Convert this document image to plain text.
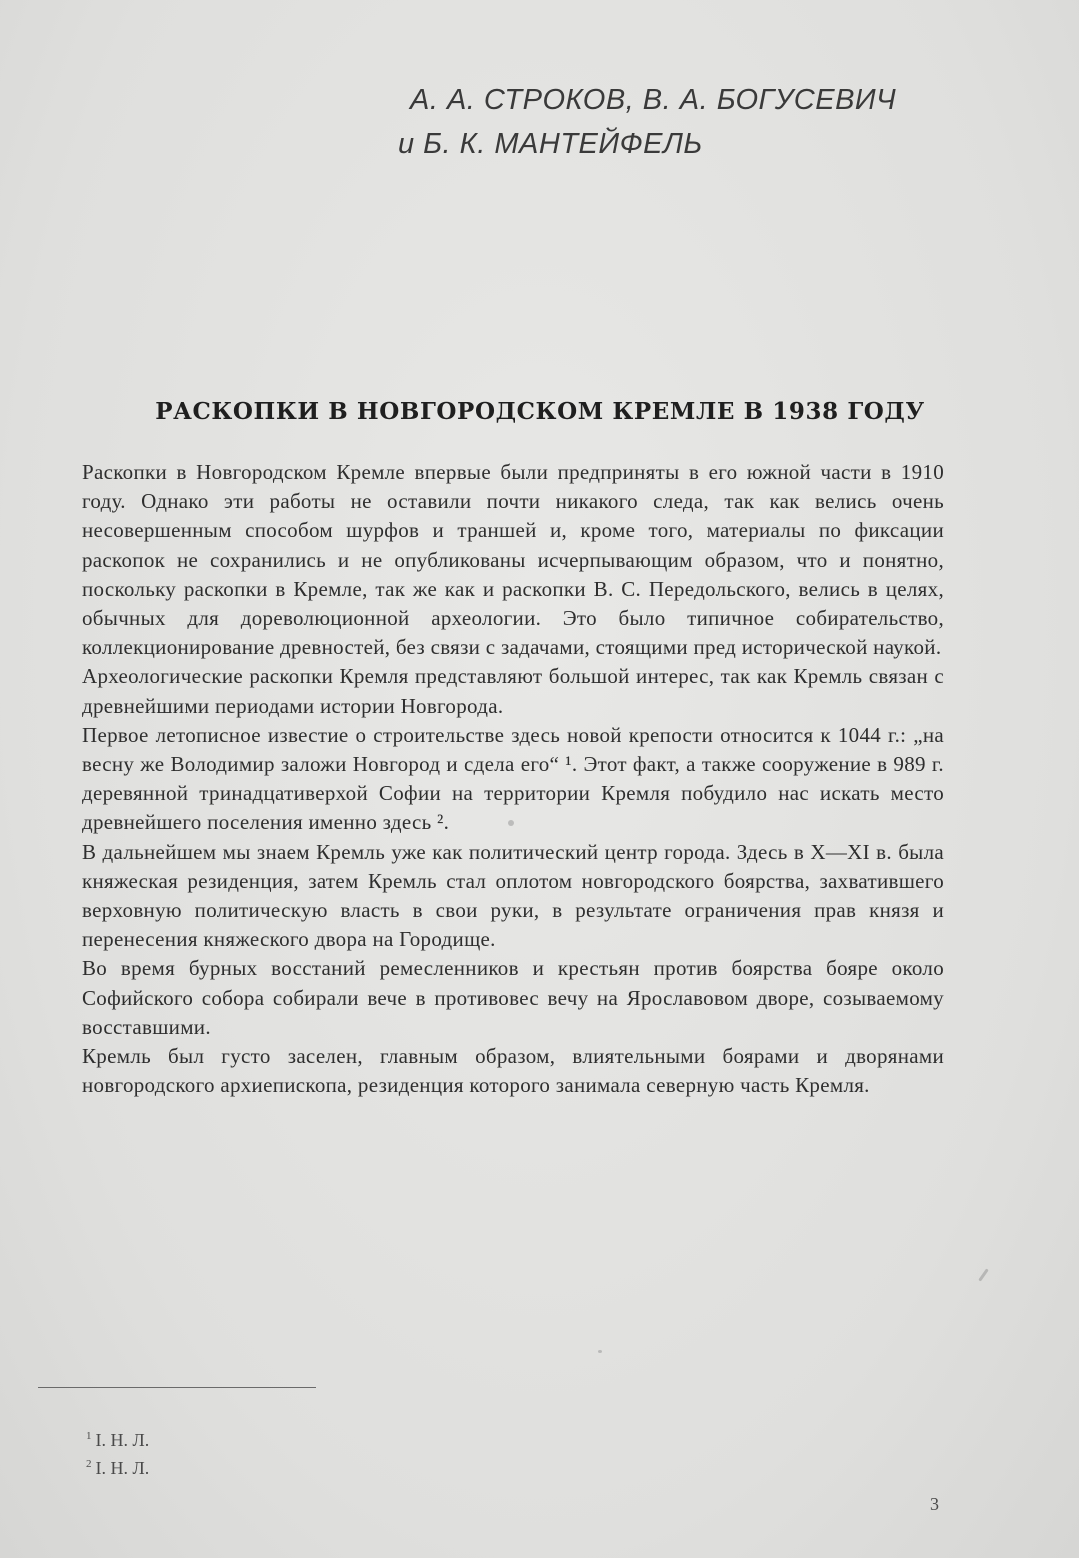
А. А. СТРОКОВ, В. А. БОГУСЕВИЧ
и Б. К. МАНТЕЙФЕЛЬ
РАСКОПКИ В НОВГОРОДСКОМ КРЕМЛЕ В 1938 ГОДУ

Раскопки в Новгородском Кремле впервые были предприняты в его южной части в 1910 году. Однако эти работы не оставили почти никакого следа, так как велись очень несовершенным способом шурфов и траншей и, кроме того, материалы по фиксации раскопок не сохранились и не опубликованы исчерпывающим образом, что и понятно, поскольку раскопки в Кремле, так же как и раскопки В. С. Передольского, велись в целях, обычных для дореволюционной археологии. Это было типичное собирательство, коллекционирование древностей, без связи с задачами, стоящими пред исторической наукой.

Археологические раскопки Кремля представляют большой интерес, так как Кремль связан с древнейшими периодами истории Новгорода.

Первое летописное известие о строительстве здесь новой крепости относится к 1044 г.: „на весну же Володимир заложи Новгород и сдела его“ ¹. Этот факт, а также сооружение в 989 г. деревянной тринадцативерхой Софии на территории Кремля побудило нас искать место древнейшего поселения именно здесь ².

В дальнейшем мы знаем Кремль уже как политический центр города. Здесь в X—XI в. была княжеская резиденция, затем Кремль стал оплотом новгородского боярства, захватившего верховную политическую власть в свои руки, в результате ограничения прав князя и перенесения княжеского двора на Городище.

Во время бурных восстаний ремесленников и крестьян против боярства бояре около Софийского собора собирали вече в противовес вечу на Ярославовом дворе, созываемому восставшими.

Кремль был густо заселен, главным образом, влиятельными боярами и дворянами новгородского архиепископа, резиденция которого занимала северную часть Кремля.

$^1$ I. Н. Л.
$^2$ I. Н. Л.
3
